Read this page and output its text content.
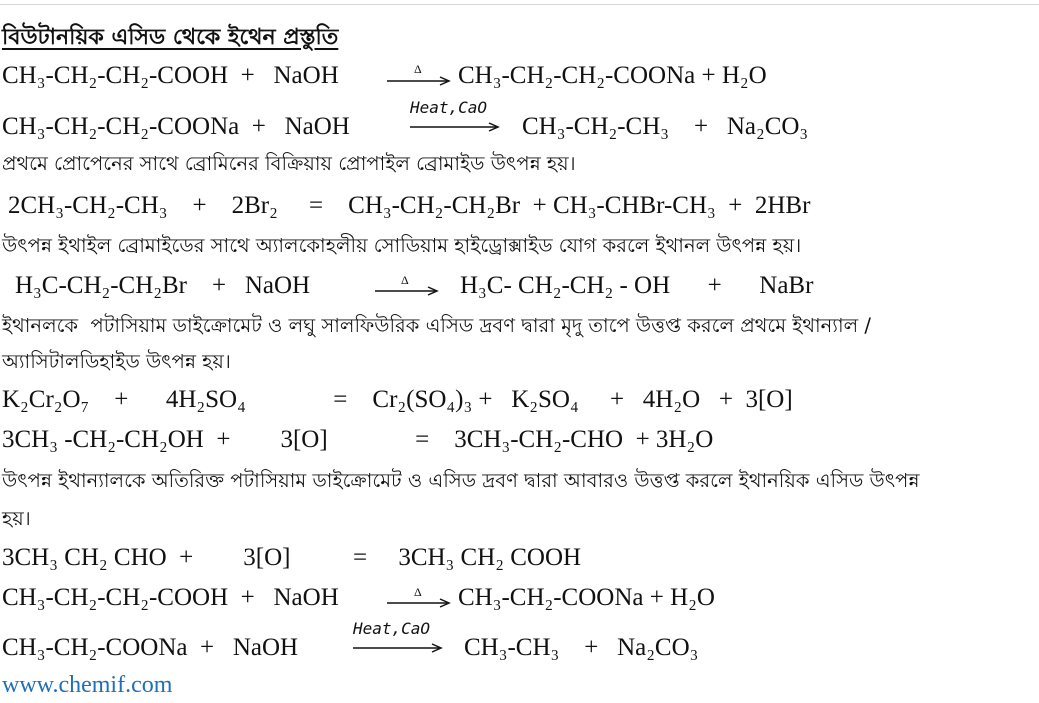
বিউটানয়িক এসিড থেকে ইথেন প্রস্তুতি
CH₃-CH₂-CH₂-COOH  +   NaOH	Δ CH₃-CH₂-CH₂-COONa + H₂O
CH₃-CH₂-CH₂-COONa  +   NaOH
Heat,CaO
CH₃-CH₂-CH₃    +   Na₂CO₃
প্রথমে প্রোপেনের সাথে ব্রোমিনের বিক্রিয়ায় প্রোপাইল ব্রোমাইড উৎপন্ন হয়।
2CH₃-CH₂-CH₃    +    2Br₂     =    CH₃-CH₂-CH₂Br  + CH₃-CHBr-CH₃  +  2HBr
উৎপন্ন ইথাইল ব্রোমাইডের সাথে অ্যালকোহলীয় সোডিয়াম হাইড্রোক্সাইড যোগ করলে ইথানল উৎপন্ন হয়।
H₃C-CH₂-CH₂Br    +   NaOH	Δ H₃C- CH₂-CH₂ - OH      +      NaBr
ইথানলকে  পটাসিয়াম ডাইক্রোমেট ও লঘু সালফিউরিক এসিড দ্রবণ দ্বারা মৃদু তাপে উত্তপ্ত করলে প্রথমে ইথান্যাল /
অ্যাসিটালডিহাইড উৎপন্ন হয়।
K₂Cr₂O₇    +      4H₂SO₄              =    Cr₂(SO₄)₃ +   K₂SO₄     +   4H₂O   +  3[O]
3CH₃ -CH₂-CH₂OH  +        3[O]              =    3CH₃-CH₂-CHO  + 3H₂O
উৎপন্ন ইথান্যালকে অতিরিক্ত পটাসিয়াম ডাইক্রোমেট ও এসিড দ্রবণ দ্বারা আবারও উত্তপ্ত করলে ইথানয়িক এসিড উৎপন্ন
হয়।
3CH₃ CH₂ CHO  +        3[O]          =     3CH₃ CH₂ COOH
CH₃-CH₂-CH₂-COOH  +   NaOH	Δ CH₃-CH₂-COONa + H₂O
CH₃-CH₂-COONa  +   NaOH
Heat,CaO
CH₃-CH₃    +   Na₂CO₃
www.chemif.com
